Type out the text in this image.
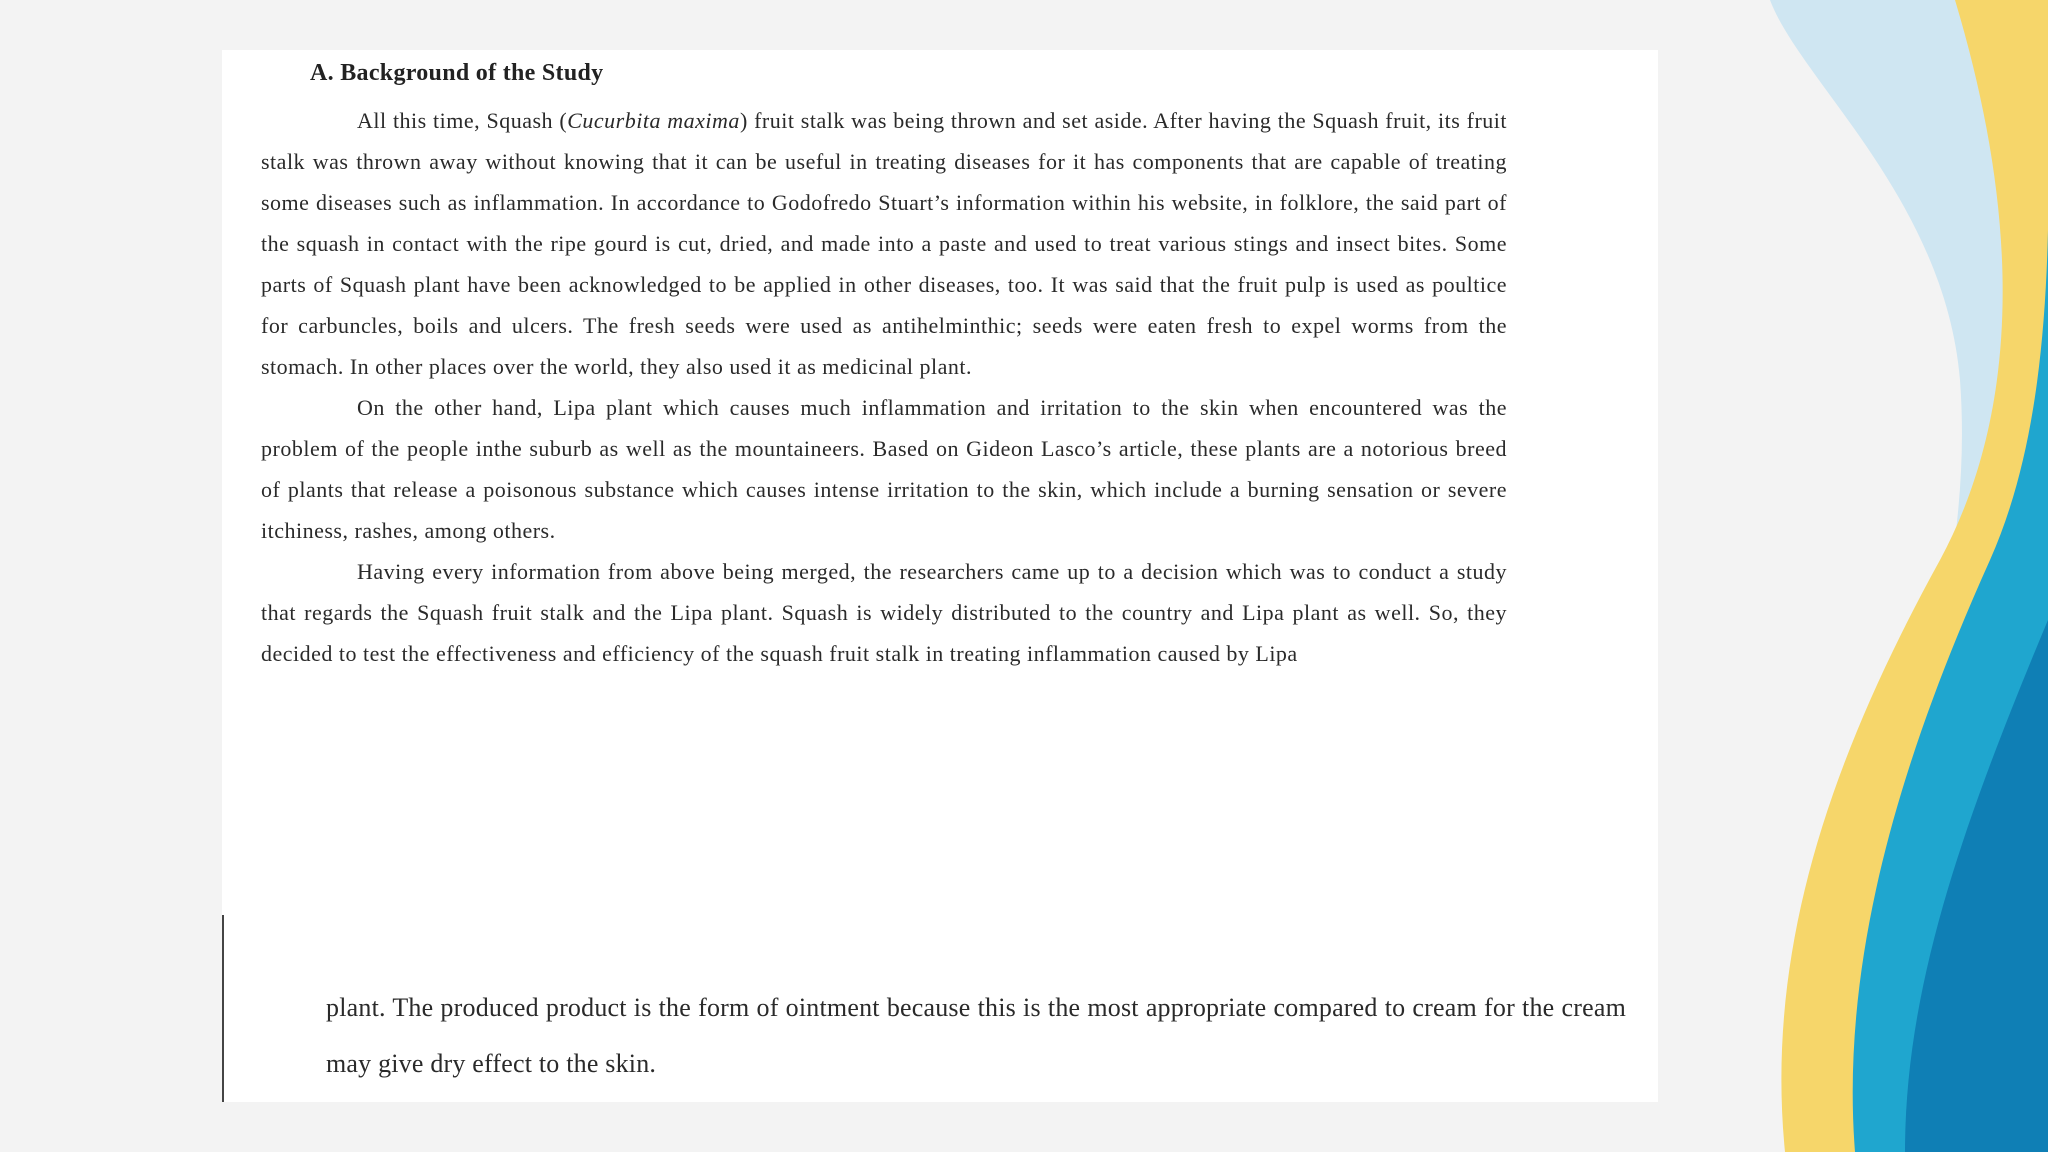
A. Background of the Study

All this time, Squash (Cucurbita maxima) fruit stalk was being thrown and set aside. After having the Squash fruit, its fruit stalk was thrown away without knowing that it can be useful in treating diseases for it has components that are capable of treating some diseases such as inflammation. In accordance to Godofredo Stuart’s information within his website, in folklore, the said part of the squash in contact with the ripe gourd is cut, dried, and made into a paste and used to treat various stings and insect bites. Some parts of Squash plant have been acknowledged to be applied in other diseases, too. It was said that the fruit pulp is used as poultice for carbuncles, boils and ulcers. The fresh seeds were used as antihelminthic; seeds were eaten fresh to expel worms from the stomach. In other places over the world, they also used it as medicinal plant.

On the other hand, Lipa plant which causes much inflammation and irritation to the skin when encountered was the problem of the people inthe suburb as well as the mountaineers. Based on Gideon Lasco’s article, these plants are a notorious breed of plants that release a poisonous substance which causes intense irritation to the skin, which include a burning sensation or severe itchiness, rashes, among others.

Having every information from above being merged, the researchers came up to a decision which was to conduct a study that regards the Squash fruit stalk and the Lipa plant. Squash is widely distributed to the country and Lipa plant as well. So, they decided to test the effectiveness and efficiency of the squash fruit stalk in treating inflammation caused by Lipa

plant. The produced product is the form of ointment because this is the most appropriate compared to cream for the cream may give dry effect to the skin.
